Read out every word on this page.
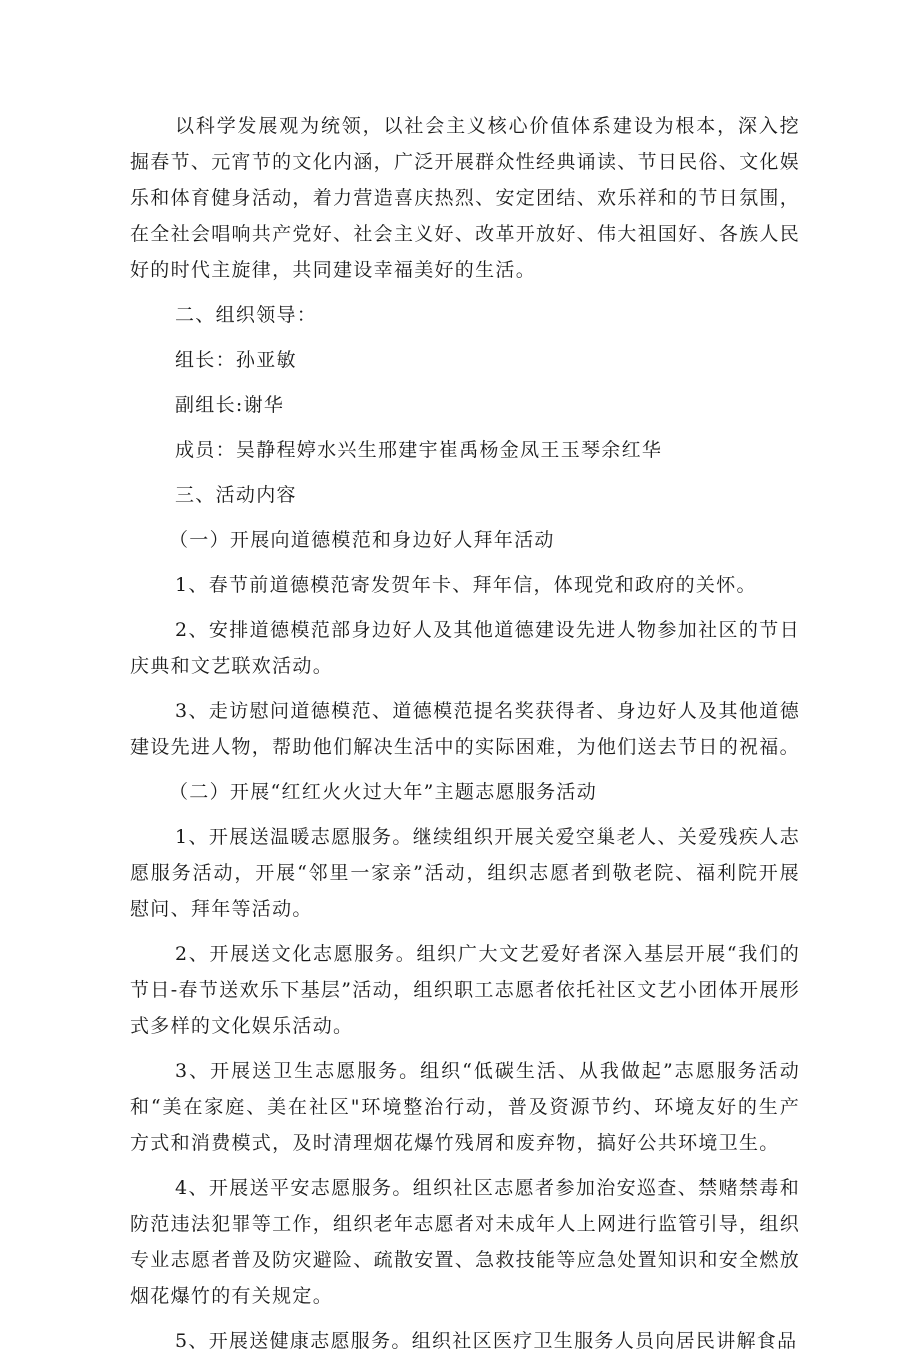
以科学发展观为统领，以社会主义核心价值体系建设为根本，深入挖掘春节、元宵节的文化内涵，广泛开展群众性经典诵读、节日民俗、文化娱乐和体育健身活动，着力营造喜庆热烈、安定团结、欢乐祥和的节日氛围，在全社会唱响共产党好、社会主义好、改革开放好、伟大祖国好、各族人民好的时代主旋律，共同建设幸福美好的生活。

二、组织领导：

组长：孙亚敏

副组长:谢华

成员：吴静程婷水兴生邢建宇崔禹杨金凤王玉琴余红华

三、活动内容

（一）开展向道德模范和身边好人拜年活动

1、春节前道德模范寄发贺年卡、拜年信，体现党和政府的关怀。

2、安排道德模范部身边好人及其他道德建设先进人物参加社区的节日庆典和文艺联欢活动。

3、走访慰问道德模范、道德模范提名奖获得者、身边好人及其他道德建设先进人物，帮助他们解决生活中的实际困难，为他们送去节日的祝福。

（二）开展“红红火火过大年”主题志愿服务活动

1、开展送温暖志愿服务。继续组织开展关爱空巢老人、关爱残疾人志愿服务活动，开展“邻里一家亲”活动，组织志愿者到敬老院、福利院开展慰问、拜年等活动。

2、开展送文化志愿服务。组织广大文艺爱好者深入基层开展“我们的节日-春节送欢乐下基层”活动，组织职工志愿者依托社区文艺小团体开展形式多样的文化娱乐活动。

3、开展送卫生志愿服务。组织“低碳生活、从我做起”志愿服务活动和“美在家庭、美在社区"环境整治行动，普及资源节约、环境友好的生产方式和消费模式，及时清理烟花爆竹残屑和废弃物，搞好公共环境卫生。

4、开展送平安志愿服务。组织社区志愿者参加治安巡查、禁赌禁毒和防范违法犯罪等工作，组织老年志愿者对未成年人上网进行监管引导，组织专业志愿者普及防灾避险、疏散安置、急救技能等应急处置知识和安全燃放烟花爆竹的有关规定。

5、开展送健康志愿服务。组织社区医疗卫生服务人员向居民讲解食品
